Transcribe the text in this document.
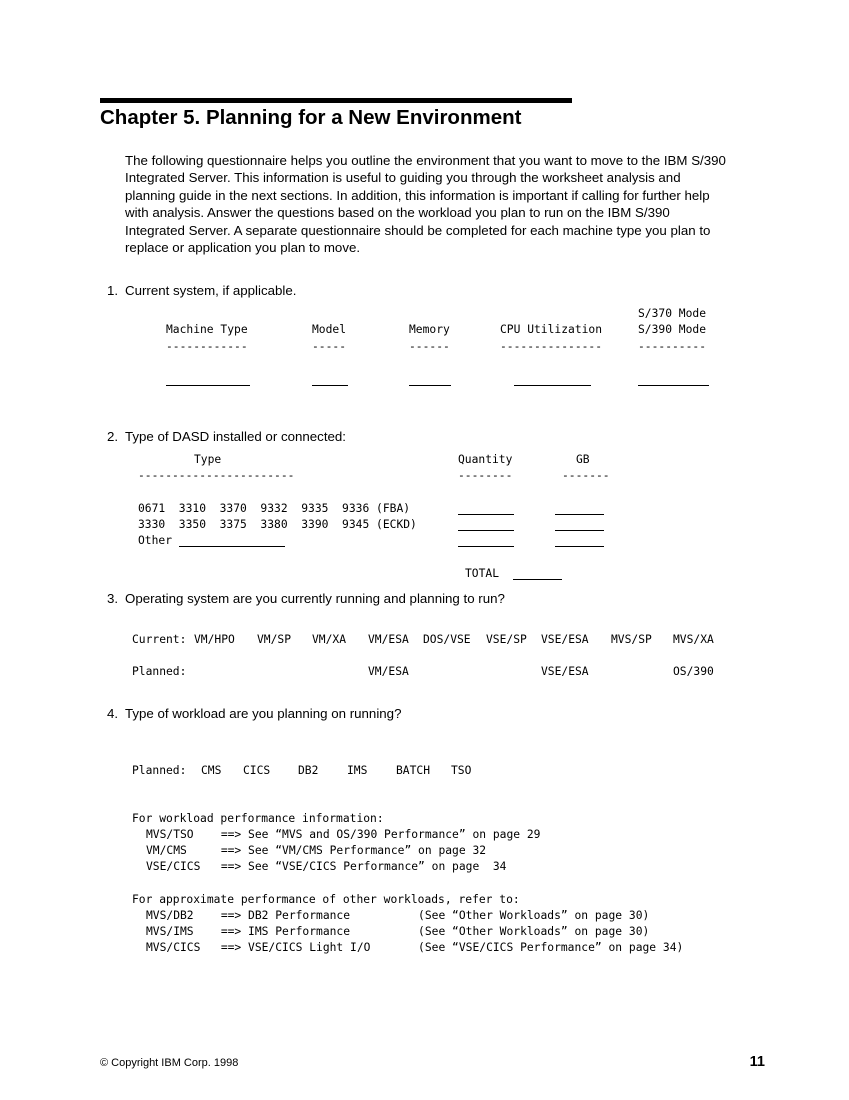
Chapter 5. Planning for a New Environment
The following questionnaire helps you outline the environment that you want to move to the IBM S/390
Integrated Server. This information is useful to guiding you through the worksheet analysis and
planning guide in the next sections. In addition, this information is important if calling for further help
with analysis. Answer the questions based on the workload you plan to run on the IBM S/390
Integrated Server. A separate questionnaire should be completed for each machine type you plan to
replace or application you plan to move.
1. Current system, if applicable.
S/370 Mode
Machine Type	Model	Memory	CPU Utilization	S/390 Mode
------------	-----	------	---------------	----------
2. Type of DASD installed or connected:
Type	Quantity	GB
-----------------------	--------	-------
0671  3310  3370  9332  9335  9336 (FBA)
3330  3350  3375  3380  3390  9345 (ECKD)
Other
TOTAL
3. Operating system are you currently running and planning to run?
Current: VM/HPO VM/SP VM/XA VM/ESA DOS/VSE VSE/SP VSE/ESA MVS/SP MVS/XA
Planned:	VM/ESA	VSE/ESA	OS/390
4. Type of workload are you planning on running?
Planned: CMS CICS DB2	IMS	BATCH TSO
For workload performance information:
MVS/TSO    ==> See “MVS and OS/390 Performance” on page 29
VM/CMS     ==> See “VM/CMS Performance” on page 32
VSE/CICS   ==> See “VSE/CICS Performance” on page  34
For approximate performance of other workloads, refer to:
MVS/DB2    ==> DB2 Performance          (See “Other Workloads” on page 30)
MVS/IMS    ==> IMS Performance          (See “Other Workloads” on page 30)
MVS/CICS   ==> VSE/CICS Light I/O       (See “VSE/CICS Performance” on page 34)
© Copyright IBM Corp. 1998	11
